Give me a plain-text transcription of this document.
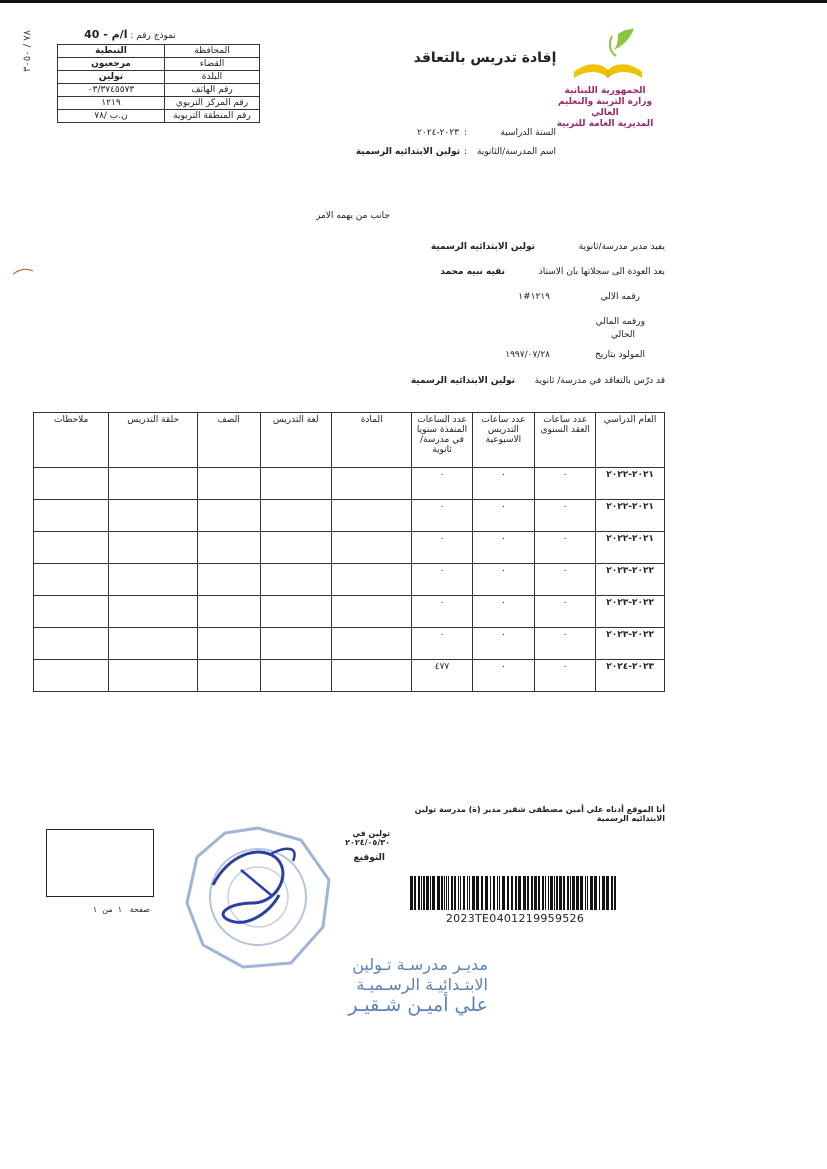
نموذج رقم : ا/م - 40
٧٨ / ٣٠٥٠
المحافظة	النبطية
القضاء	مرجعيون
البلدة	تولين
رقم الهاتف	٠٣/٣٧٤٥٥٧٣
رقم المركز التربوي	١٢١٩
رقم المنطقة التربوية	ن.ب /٧٨
الجمهورية اللبنانية
وزارة التربية والتعليم العالي
المديرية العامة للتربية
إفادة تدريس بالتعاقد
السنة الدراسية
:
٢٠٢٣-٢٠٢٤
اسم المدرسة/الثانوية
:
تولين الابتدائيه الرسمية
جانب من يهمه الامر
يفيد مدير مدرسة/ثانوية
تولين الابتدائيه الرسمية
بعد العودة الى سجلاتها بان الاستاذ
نقيه نبيه محمد
رقمه الالي
١٢١٩#١
ورقمه المالي
الحالي
المولود بتاريخ
١٩٩٧/٠٧/٢٨
قد درّس بالتعاقد في مدرسة/ ثانوية
تولين الابتدائيه الرسمية
العام الدراسي	عدد ساعات العقد السنوي	عدد ساعات التدريس الاسبوعية	عدد الساعات المنفذة سنويا في مدرسة/ثانوية	المادة	لغة التدريس	الصف	حلقة التدريس	ملاحظات
٢٠٢١-٢٠٢٢	٠	٠	٠					
٢٠٢١-٢٠٢٢	٠	٠	٠					
٢٠٢١-٢٠٢٢	٠	٠	٠					
٢٠٢٢-٢٠٢٣	٠	٠	٠					
٢٠٢٢-٢٠٢٣	٠	٠	٠					
٢٠٢٢-٢٠٢٣	٠	٠	٠					
٢٠٢٣-٢٠٢٤	٠	٠	٤٧٧					
أنا الموقع أدناه علي أمين مصطفى شقير مدير (ة) مدرسة تولين الابتدائيه الرسمية
تولين في ٢٠٢٤/٠٥/٣٠
التوقيع
صفحة   ١  من  ١
2023TE0401219959526
مديـر مدرسـة تـولين
الابتـدائيـة الرسـميـة
علي أميـن شـقيـر
